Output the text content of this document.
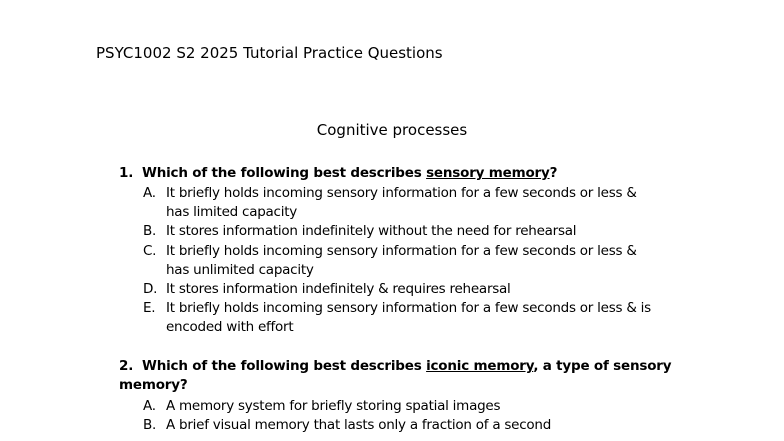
PSYC1002 S2 2025 Tutorial Practice Questions
Cognitive processes
1. Which of the following best describes sensory memory?
A. It briefly holds incoming sensory information for a few seconds or less & has limited capacity
B. It stores information indefinitely without the need for rehearsal
C. It briefly holds incoming sensory information for a few seconds or less & has unlimited capacity
D. It stores information indefinitely & requires rehearsal
E. It briefly holds incoming sensory information for a few seconds or less & is encoded with effort
2. Which of the following best describes iconic memory, a type of sensory memory?
A. A memory system for briefly storing spatial images
B. A brief visual memory that lasts only a fraction of a second
